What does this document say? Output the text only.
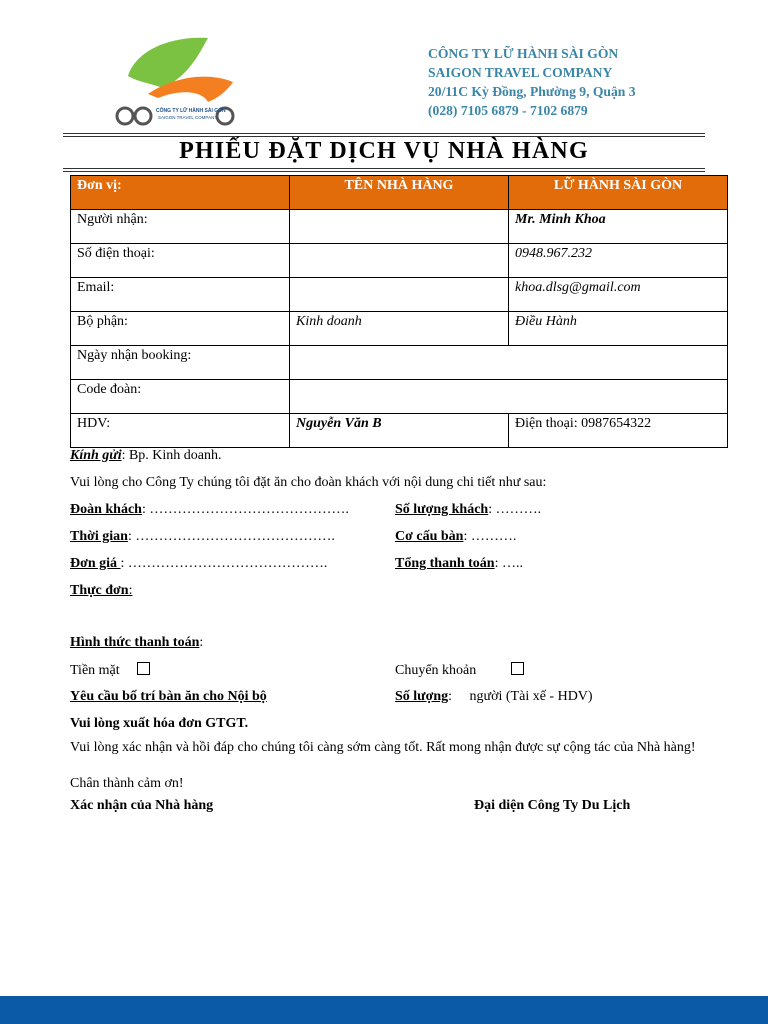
CÔNG TY LỮ HÀNH SÀI GÒN
SAIGON TRAVEL COMPANY
CÔNG TY LỮ HÀNH SÀI GÒN
SAIGON TRAVEL COMPANY
20/11C Kỳ Đồng, Phường 9, Quận 3
(028) 7105 6879 - 7102 6879
PHIẾU ĐẶT DỊCH VỤ NHÀ HÀNG
Đơn vị:	TÊN NHÀ HÀNG	LỮ HÀNH SÀI GÒN
Người nhận:		Mr. Minh Khoa
Số điện thoại:		0948.967.232
Email:		khoa.dlsg@gmail.com
Bộ phận:	Kinh doanh	Điều Hành
Ngày nhận booking:		
Code đoàn:		
HDV:	Nguyễn Văn B	Điện thoại: 0987654322
Kính gửi: Bp. Kinh doanh.
Vui lòng cho Công Ty chúng tôi đặt ăn cho đoàn khách với nội dung chi tiết như sau:
Đoàn khách: …………………………………….	Số lượng khách: ……….
Thời gian: …………………………………….	Cơ cấu bàn: ……….
Đơn giá : …………………………………….	Tổng thanh toán: …..
Thực đơn:
Hình thức thanh toán:
Tiền mặt	Chuyển khoản
Yêu cầu bố trí bàn ăn cho Nội bộ	Số lượng:     người (Tài xế - HDV)
Vui lòng xuất hóa đơn GTGT.
Vui lòng xác nhận và hồi đáp cho chúng tôi càng sớm càng tốt. Rất mong nhận được sự cộng tác của Nhà hàng!
Chân thành cảm ơn!
Xác nhận của Nhà hàng	Đại diện Công Ty Du Lịch
